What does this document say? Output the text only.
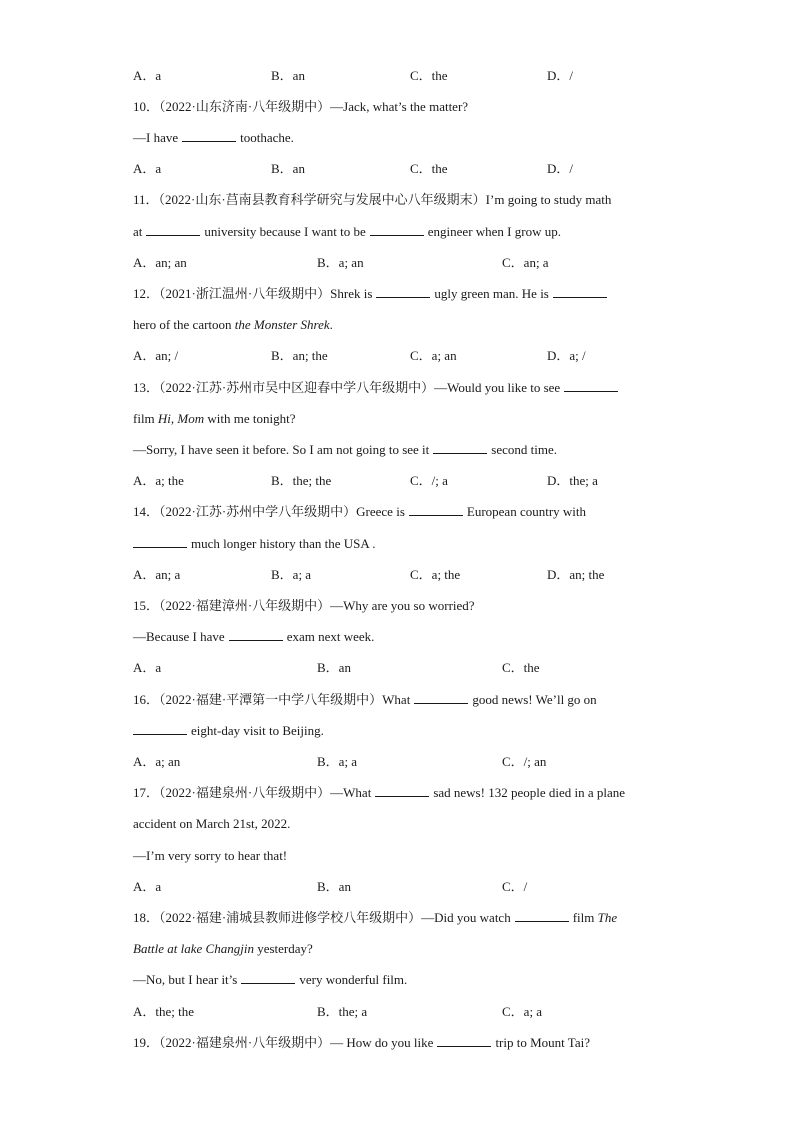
A．a	B．an	C．the	D．/
10．（2022·山东济南·八年级期中）—Jack, what’s the matter?
—I have	toothache.
A．a	B．an	C．the	D．/
11．（2022·山东·莒南县教育科学研究与发展中心八年级期末）I’m going to study math
at	university because I want to be	engineer when I grow up.
A．an; an	B．a; an	C．an; a
12．（2021·浙江温州·八年级期中）Shrek is	ugly green man. He is
hero of the cartoon the Monster Shrek.
A．an; /	B．an; the	C．a; an	D．a; /
13．（2022·江苏·苏州市吴中区迎春中学八年级期中）—Would you like to see
film Hi, Mom with me tonight?
—Sorry, I have seen it before. So I am not going to see it	second time.
A．a; the	B．the; the	C．/; a	D．the; a
14．（2022·江苏·苏州中学八年级期中）Greece is	European country with
much longer history than the USA .
A．an; a	B．a; a	C．a; the	D．an; the
15．（2022·福建漳州·八年级期中）—Why are you so worried?
—Because I have	exam next week.
A．a	B．an	C．the
16．（2022·福建·平潭第一中学八年级期中）What	good news! We’ll go on
eight-day visit to Beijing.
A．a; an	B．a; a	C．/; an
17．（2022·福建泉州·八年级期中）—What	sad news! 132 people died in a plane
accident on March 21st, 2022.
—I’m very sorry to hear that!
A．a	B．an	C．/
18．（2022·福建·浦城县教师进修学校八年级期中）—Did you watch	film The
Battle at lake Changjin yesterday?
—No, but I hear it’s	very wonderful film.
A．the; the	B．the; a	C．a; a
19．（2022·福建泉州·八年级期中）— How do you like	trip to Mount Tai?
